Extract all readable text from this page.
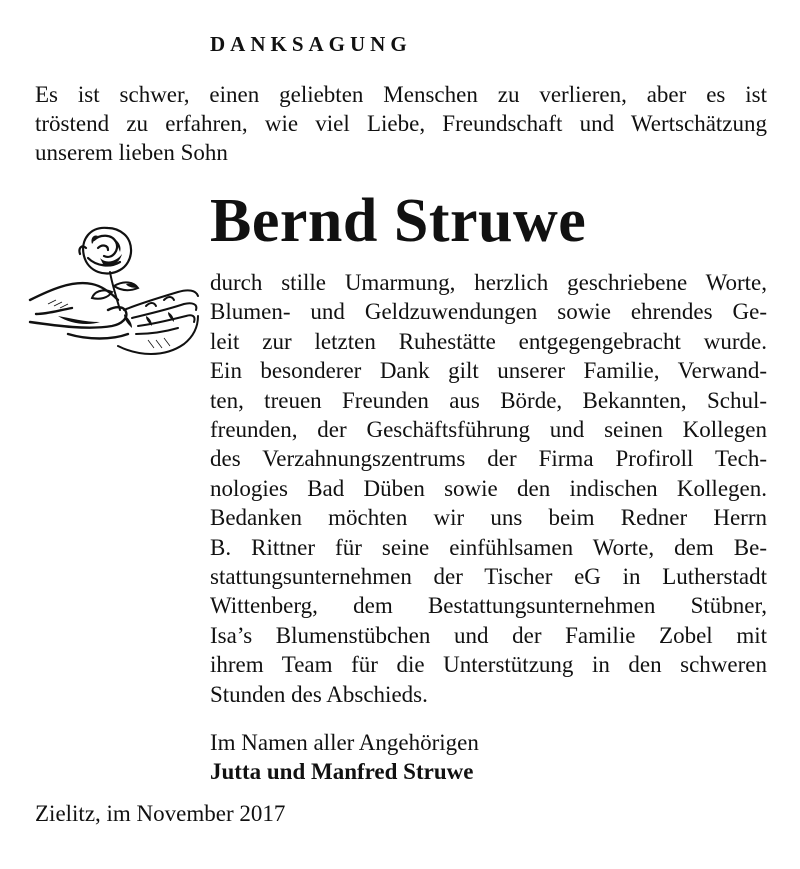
DANKSAGUNG
Es ist schwer, einen geliebten Menschen zu verlieren, aber es ist
tröstend zu erfahren, wie viel Liebe, Freundschaft und Wertschätzung
unserem lieben Sohn
Bernd Struwe
durch stille Umarmung, herzlich geschriebene Worte,
Blumen- und Geldzuwendungen sowie ehrendes Ge-
leit zur letzten Ruhestätte entgegengebracht wurde.
Ein besonderer Dank gilt unserer Familie, Verwand-
ten, treuen Freunden aus Börde, Bekannten, Schul-
freunden, der Geschäftsführung und seinen Kollegen
des Verzahnungszentrums der Firma Profiroll Tech-
nologies Bad Düben sowie den indischen Kollegen.
Bedanken möchten wir uns beim Redner Herrn
B. Rittner für seine einfühlsamen Worte, dem Be-
stattungsunternehmen der Tischer eG in Lutherstadt
Wittenberg, dem Bestattungsunternehmen Stübner,
Isa’s Blumenstübchen und der Familie Zobel mit
ihrem Team für die Unterstützung in den schweren
Stunden des Abschieds.
Im Namen aller Angehörigen
Jutta und Manfred Struwe
Zielitz, im November 2017
